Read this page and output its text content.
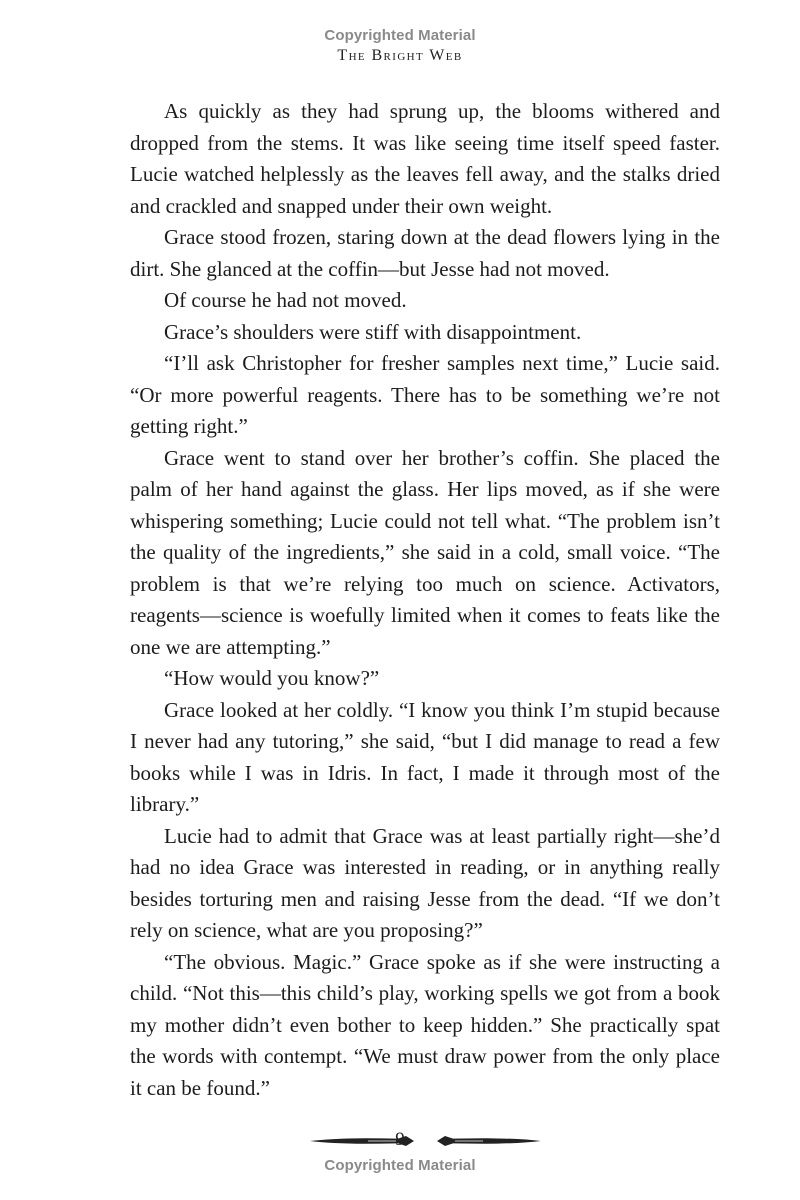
Copyrighted Material
The Bright Web

As quickly as they had sprung up, the blooms withered and dropped from the stems. It was like seeing time itself speed faster. Lucie watched helplessly as the leaves fell away, and the stalks dried and crackled and snapped under their own weight.

Grace stood frozen, staring down at the dead flowers lying in the dirt. She glanced at the coffin—but Jesse had not moved.

Of course he had not moved.

Grace’s shoulders were stiff with disappointment.

“I’ll ask Christopher for fresher samples next time,” Lucie said. “Or more powerful reagents. There has to be something we’re not getting right.”

Grace went to stand over her brother’s coffin. She placed the palm of her hand against the glass. Her lips moved, as if she were whispering something; Lucie could not tell what. “The problem isn’t the quality of the ingredients,” she said in a cold, small voice. “The problem is that we’re relying too much on science. Activators, reagents—science is woefully limited when it comes to feats like the one we are attempting.”

“How would you know?”

Grace looked at her coldly. “I know you think I’m stupid because I never had any tutoring,” she said, “but I did manage to read a few books while I was in Idris. In fact, I made it through most of the library.”

Lucie had to admit that Grace was at least partially right—she’d had no idea Grace was interested in reading, or in anything really besides torturing men and raising Jesse from the dead. “If we don’t rely on science, what are you proposing?”

“The obvious. Magic.” Grace spoke as if she were instructing a child. “Not this—this child’s play, working spells we got from a book my mother didn’t even bother to keep hidden.” She practically spat the words with contempt. “We must draw power from the only place it can be found.”

9
Copyrighted Material
